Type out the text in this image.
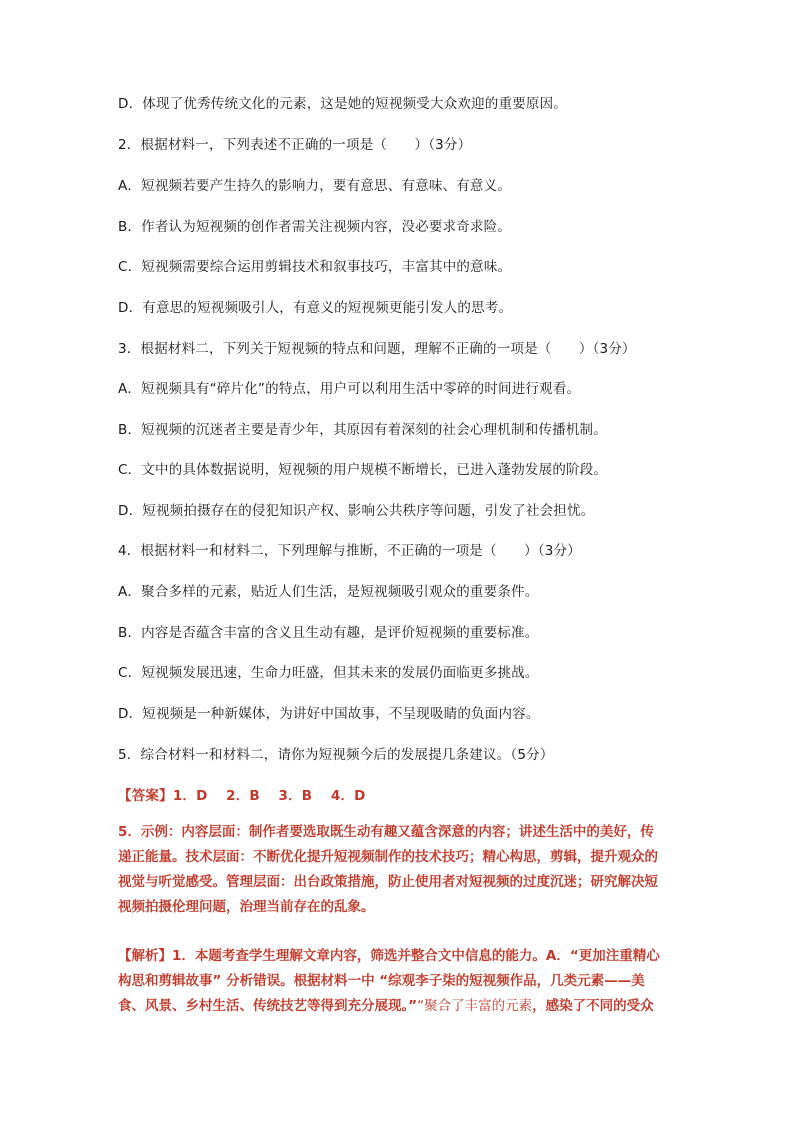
D．体现了优秀传统文化的元素，这是她的短视频受大众欢迎的重要原因。
2．根据材料一，下列表述不正确的一项是（　　）（3分）
A．短视频若要产生持久的影响力，要有意思、有意味、有意义。
B．作者认为短视频的创作者需关注视频内容，没必要求奇求险。
C．短视频需要综合运用剪辑技术和叙事技巧，丰富其中的意味。
D．有意思的短视频吸引人，有意义的短视频更能引发人的思考。
3．根据材料二，下列关于短视频的特点和问题，理解不正确的一项是（　　）（3分）
A．短视频具有“碎片化”的特点，用户可以利用生活中零碎的时间进行观看。
B．短视频的沉迷者主要是青少年，其原因有着深刻的社会心理机制和传播机制。
C．文中的具体数据说明，短视频的用户规模不断增长，已进入蓬勃发展的阶段。
D．短视频拍摄存在的侵犯知识产权、影响公共秩序等问题，引发了社会担忧。
4．根据材料一和材料二，下列理解与推断，不正确的一项是（　　）（3分）
A．聚合多样的元素，贴近人们生活，是短视频吸引观众的重要条件。
B．内容是否蕴含丰富的含义且生动有趣，是评价短视频的重要标准。
C．短视频发展迅速，生命力旺盛，但其未来的发展仍面临更多挑战。
D．短视频是一种新媒体，为讲好中国故事，不呈现吸睛的负面内容。
5．综合材料一和材料二，请你为短视频今后的发展提几条建议。（5分）
【答案】1．D　 2．B　 3．B　 4．D

5．示例：内容层面：制作者要选取既生动有趣又蕴含深意的内容；讲述生活中的美好，传

递正能量。技术层面：不断优化提升短视频制作的技术技巧；精心构思，剪辑，提升观众的

视觉与听觉感受。管理层面：出台政策措施，防止使用者对短视频的过度沉迷；研究解决短

视频拍摄伦理问题，治理当前存在的乱象。

【解析】1．本题考查学生理解文章内容，筛选并整合文中信息的能力。A．“更加注重精心

构思和剪辑故事” 分析错误。根据材料一中 “综观李子柒的短视频作品，几类元素——美

食、风景、乡村生活、传统技艺等得到充分展现。”“聚合了丰富的元素，感染了不同的受众
